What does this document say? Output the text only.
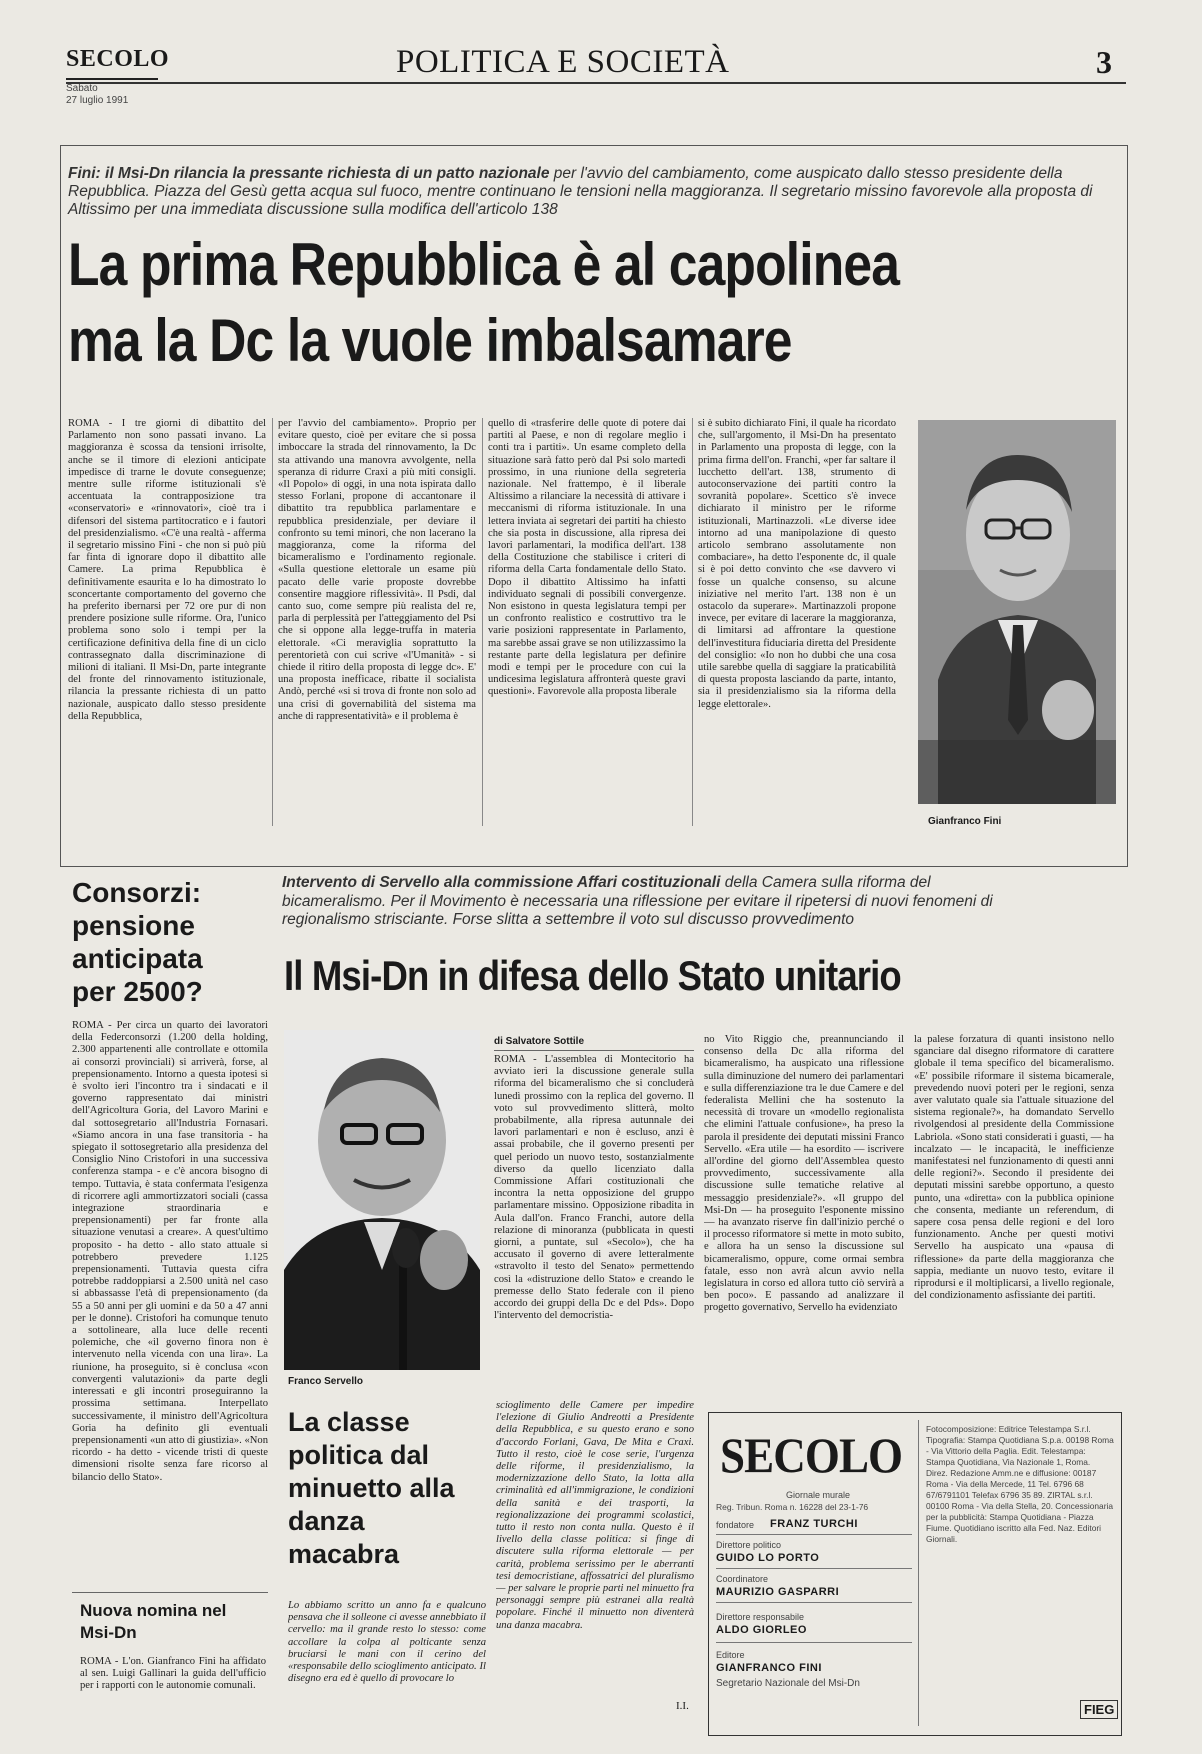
SECOLO
Sabato
27 luglio 1991
POLITICA E SOCIETÀ	3
Fini: il Msi-Dn rilancia la pressante richiesta di un patto nazionale per l'avvio del cambiamento, come auspicato dallo stesso presidente della Repubblica. Piazza del Gesù getta acqua sul fuoco, mentre continuano le tensioni nella maggioranza. Il segretario missino favorevole alla proposta di Altissimo per una immediata discussione sulla modifica dell'articolo 138
La prima Repubblica è al capolinea
ma la Dc la vuole imbalsamare
ROMA - I tre giorni di dibattito del Parlamento non sono passati invano. La maggioranza è scossa da tensioni irrisolte, anche se il timore di elezioni anticipate impedisce di trarne le dovute conseguenze; mentre sulle riforme istituzionali s'è accentuata la contrapposizione tra «conservatori» e «rinnovatori», cioè tra i difensori del sistema partitocratico e i fautori del presidenzialismo. «C'è una realtà - afferma il segretario missino Fini - che non si può più far finta di ignorare dopo il dibattito alle Camere. La prima Repubblica è definitivamente esaurita e lo ha dimostrato lo sconcertante comportamento del governo che ha preferito ibernarsi per 72 ore pur di non prendere posizione sulle riforme. Ora, l'unico problema sono solo i tempi per la certificazione definitiva della fine di un ciclo contrassegnato dalla discriminazione di milioni di italiani. Il Msi-Dn, parte integrante del fronte del rinnovamento istituzionale, rilancia la pressante richiesta di un patto nazionale, auspicato dallo stesso presidente della Repubblica,
per l'avvio del cambiamento». Proprio per evitare questo, cioè per evitare che si possa imboccare la strada del rinnovamento, la Dc sta attivando una manovra avvolgente, nella speranza di ridurre Craxi a più miti consigli. «Il Popolo» di oggi, in una nota ispirata dallo stesso Forlani, propone di accantonare il dibattito tra repubblica parlamentare e repubblica presidenziale, per deviare il confronto su temi minori, che non lacerano la maggioranza, come la riforma del bicameralismo e l'ordinamento regionale. «Sulla questione elettorale un esame più pacato delle varie proposte dovrebbe consentire maggiore riflessività». Il Psdi, dal canto suo, come sempre più realista del re, parla di perplessità per l'atteggiamento del Psi che si oppone alla legge-truffa in materia elettorale. «Ci meraviglia soprattutto la perentorietà con cui scrive «l'Umanità» - si chiede il ritiro della proposta di legge dc». E' una proposta inefficace, ribatte il socialista Andò, perché «si si trova di fronte non solo ad una crisi di governabilità del sistema ma anche di rappresentatività» e il problema è
quello di «trasferire delle quote di potere dai partiti al Paese, e non di regolare meglio i conti tra i partiti». Un esame completo della situazione sarà fatto però dal Psi solo martedì prossimo, in una riunione della segreteria nazionale. Nel frattempo, è il liberale Altissimo a rilanciare la necessità di attivare i meccanismi di riforma istituzionale. In una lettera inviata ai segretari dei partiti ha chiesto che sia posta in discussione, alla ripresa dei lavori parlamentari, la modifica dell'art. 138 della Costituzione che stabilisce i criteri di riforma della Carta fondamentale dello Stato. Dopo il dibattito Altissimo ha infatti individuato segnali di possibili convergenze. Non esistono in questa legislatura tempi per un confronto realistico e costruttivo tra le varie posizioni rappresentate in Parlamento, ma sarebbe assai grave se non utilizzassimo la restante parte della legislatura per definire modi e tempi per le procedure con cui la undicesima legislatura affronterà queste gravi questioni». Favorevole alla proposta liberale
si è subito dichiarato Fini, il quale ha ricordato che, sull'argomento, il Msi-Dn ha presentato in Parlamento una proposta di legge, con la prima firma dell'on. Franchi, «per far saltare il lucchetto dell'art. 138, strumento di autoconservazione dei partiti contro la sovranità popolare». Scettico s'è invece dichiarato il ministro per le riforme istituzionali, Martinazzoli. «Le diverse idee intorno ad una manipolazione di questo articolo sembrano assolutamente non combaciare», ha detto l'esponente dc, il quale si è poi detto convinto che «se davvero vi fosse un qualche consenso, su alcune iniziative nel merito l'art. 138 non è un ostacolo da superare». Martinazzoli propone invece, per evitare di lacerare la maggioranza, di limitarsi ad affrontare la questione dell'investitura fiduciaria diretta del Presidente del consiglio: «Io non ho dubbi che una cosa utile sarebbe quella di saggiare la praticabilità di questa proposta lasciando da parte, intanto, sia il presidenzialismo sia la riforma della legge elettorale».
Gianfranco Fini
Consorzi: pensione anticipata per 2500?
ROMA - Per circa un quarto dei lavoratori della Federconsorzi (1.200 della holding, 2.300 appartenenti alle controllate e ottomila ai consorzi provinciali) si arriverà, forse, al prepensionamento. Intorno a questa ipotesi si è svolto ieri l'incontro tra i sindacati e il governo rappresentato dai ministri dell'Agricoltura Goria, del Lavoro Marini e dal sottosegretario all'Industria Fornasari. «Siamo ancora in una fase transitoria - ha spiegato il sottosegretario alla presidenza del Consiglio Nino Cristofori in una successiva conferenza stampa - e c'è ancora bisogno di tempo. Tuttavia, è stata confermata l'esigenza di ricorrere agli ammortizzatori sociali (cassa integrazione straordinaria e prepensionamenti) per far fronte alla situazione venutasi a creare». A quest'ultimo proposito - ha detto - allo stato attuale si potrebbero prevedere 1.125 prepensionamenti. Tuttavia questa cifra potrebbe raddoppiarsi a 2.500 unità nel caso si abbassasse l'età di prepensionamento (da 55 a 50 anni per gli uomini e da 50 a 47 anni per le donne). Cristofori ha comunque tenuto a sottolineare, alla luce delle recenti polemiche, che «il governo finora non è intervenuto nella vicenda con una lira». La riunione, ha proseguito, si è conclusa «con convergenti valutazioni» da parte degli interessati e gli incontri proseguiranno la prossima settimana. Interpellato successivamente, il ministro dell'Agricoltura Goria ha definito gli eventuali prepensionamenti «un atto di giustizia». «Non ricordo - ha detto - vicende tristi di queste dimensioni risolte senza fare ricorso al bilancio dello Stato».
Nuova nomina nel Msi-Dn
ROMA - L'on. Gianfranco Fini ha affidato al sen. Luigi Gallinari la guida dell'ufficio per i rapporti con le autonomie comunali.
Intervento di Servello alla commissione Affari costituzionali della Camera sulla riforma del bicameralismo. Per il Movimento è necessaria una riflessione per evitare il ripetersi di nuovi fenomeni di regionalismo strisciante. Forse slitta a settembre il voto sul discusso provvedimento
Il Msi-Dn in difesa dello Stato unitario
Franco Servello
di Salvatore Sottile
ROMA - L'assemblea di Montecitorio ha avviato ieri la discussione generale sulla riforma del bicameralismo che si concluderà lunedì prossimo con la replica del governo. Il voto sul provvedimento slitterà, molto probabilmente, alla ripresa autunnale dei lavori parlamentari e non è escluso, anzi è assai probabile, che il governo presenti per quel periodo un nuovo testo, sostanzialmente diverso da quello licenziato dalla Commissione Affari costituzionali che incontra la netta opposizione del gruppo parlamentare missino. Opposizione ribadita in Aula dall'on. Franco Franchi, autore della relazione di minoranza (pubblicata in questi giorni, a puntate, sul «Secolo»), che ha accusato il governo di avere letteralmente «stravolto il testo del Senato» permettendo così la «distruzione dello Stato» e creando le premesse dello Stato federale con il pieno accordo dei gruppi della Dc e del Pds». Dopo l'intervento del democristia-
no Vito Riggio che, preannunciando il consenso della Dc alla riforma del bicameralismo, ha auspicato una riflessione sulla diminuzione del numero dei parlamentari e sulla differenziazione tra le due Camere e del federalista Mellini che ha sostenuto la necessità di trovare un «modello regionalista che elimini l'attuale confusione», ha preso la parola il presidente dei deputati missini Franco Servello. «Era utile — ha esordito — iscrivere all'ordine del giorno dell'Assemblea questo provvedimento, successivamente alla discussione sulle tematiche relative al messaggio presidenziale?». «Il gruppo del Msi-Dn — ha proseguito l'esponente missino — ha avanzato riserve fin dall'inizio perché o il processo riformatore si mette in moto subito, e allora ha un senso la discussione sul bicameralismo, oppure, come ormai sembra fatale, esso non avrà alcun avvio nella legislatura in corso ed allora tutto ciò servirà a ben poco». E passando ad analizzare il progetto governativo, Servello ha evidenziato
la palese forzatura di quanti insistono nello sganciare dal disegno riformatore di carattere globale il tema specifico del bicameralismo. «E' possibile riformare il sistema bicamerale, prevedendo nuovi poteri per le regioni, senza aver valutato quale sia l'attuale situazione del sistema regionale?», ha domandato Servello rivolgendosi al presidente della Commissione Labriola. «Sono stati considerati i guasti, — ha incalzato — le incapacità, le inefficienze manifestatesi nel funzionamento di questi anni delle regioni?». Secondo il presidente dei deputati missini sarebbe opportuno, a questo punto, una «diretta» con la pubblica opinione che consenta, mediante un referendum, di sapere cosa pensa delle regioni e del loro funzionamento. Anche per questi motivi Servello ha auspicato una «pausa di riflessione» da parte della maggioranza che sappia, mediante un nuovo testo, evitare il riprodursi e il moltiplicarsi, a livello regionale, del condizionamento asfissiante dei partiti.
La classe politica dal minuetto alla danza macabra
Lo abbiamo scritto un anno fa e qualcuno pensava che il solleone ci avesse annebbiato il cervello: ma il grande resto lo stesso: come accollare la colpa al polticante senza bruciarsi le mani con il cerino del «responsabile dello scioglimento anticipato. Il disegno era ed è quello di provocare lo
scioglimento delle Camere per impedire l'elezione di Giulio Andreotti a Presidente della Repubblica, e su questo erano e sono d'accordo Forlani, Gava, De Mita e Craxi. Tutto il resto, cioè le cose serie, l'urgenza delle riforme, il presidenzialismo, la modernizzazione dello Stato, la lotta alla criminalità ed all'immigrazione, le condizioni della sanità e dei trasporti, la regionalizzazione dei programmi scolastici, tutto il resto non conta nulla. Questo è il livello della classe politica: si finge di discutere sulla riforma elettorale — per carità, problema serissimo per le aberranti tesi democristiane, affossatrici del pluralismo — per salvare le proprie parti nel minuetto fra personaggi sempre più estranei alla realtà popolare. Finché il minuetto non diventerà una danza macabra.
I.I.
SECOLO
Giornale murale
Reg. Tribun. Roma n. 16228 del 23-1-76
fondatore FRANZ TURCHI
Direttore politico
GUIDO LO PORTO
Coordinatore
MAURIZIO GASPARRI
Direttore responsabile
ALDO GIORLEO
Editore
GIANFRANCO FINI
Segretario Nazionale del Msi-Dn
Fotocomposizione: Editrice Telestampa S.r.l. Tipografia: Stampa Quotidiana S.p.a. 00198 Roma - Via Vittorio della Paglia. Edit. Telestampa: Stampa Quotidiana, Via Nazionale 1, Roma. Direz. Redazione Amm.ne e diffusione: 00187 Roma - Via della Mercede, 11 Tel. 6796 68 67/6791101 Telefax 6796 35 89. ZIRTAL s.r.l. 00100 Roma - Via della Stella, 20. Concessionaria per la pubblicità: Stampa Quotidiana - Piazza Fiume. Quotidiano iscritto alla Fed. Naz. Editori Giornali.
FIEG
